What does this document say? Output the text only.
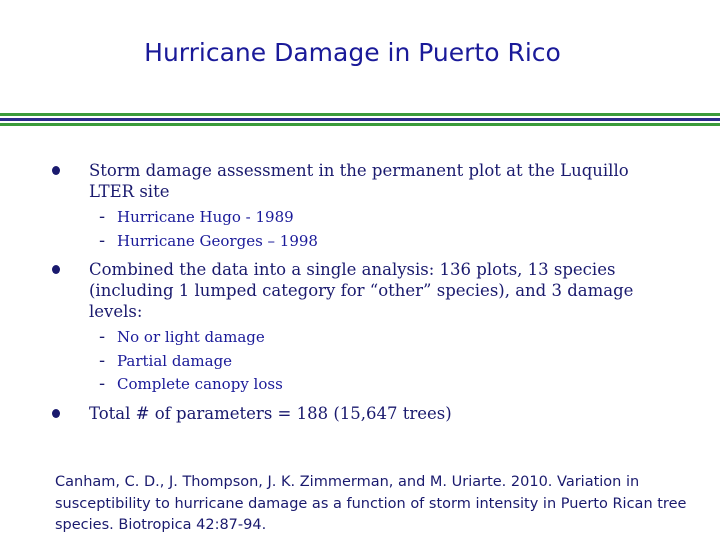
Hurricane Damage in Puerto Rico
Storm damage assessment in the permanent plot at the Luquillo LTER site
- Hurricane Hugo - 1989
- Hurricane Georges – 1998
Combined the data into a single analysis: 136 plots, 13 species (including 1 lumped category for “other” species), and 3 damage levels:
- No or light damage
- Partial damage
- Complete canopy loss
Total # of parameters = 188 (15,647 trees)
Canham, C. D., J. Thompson, J. K. Zimmerman, and M. Uriarte. 2010. Variation in susceptibility to hurricane damage as a function of storm intensity in Puerto Rican tree species. Biotropica 42:87-94.
